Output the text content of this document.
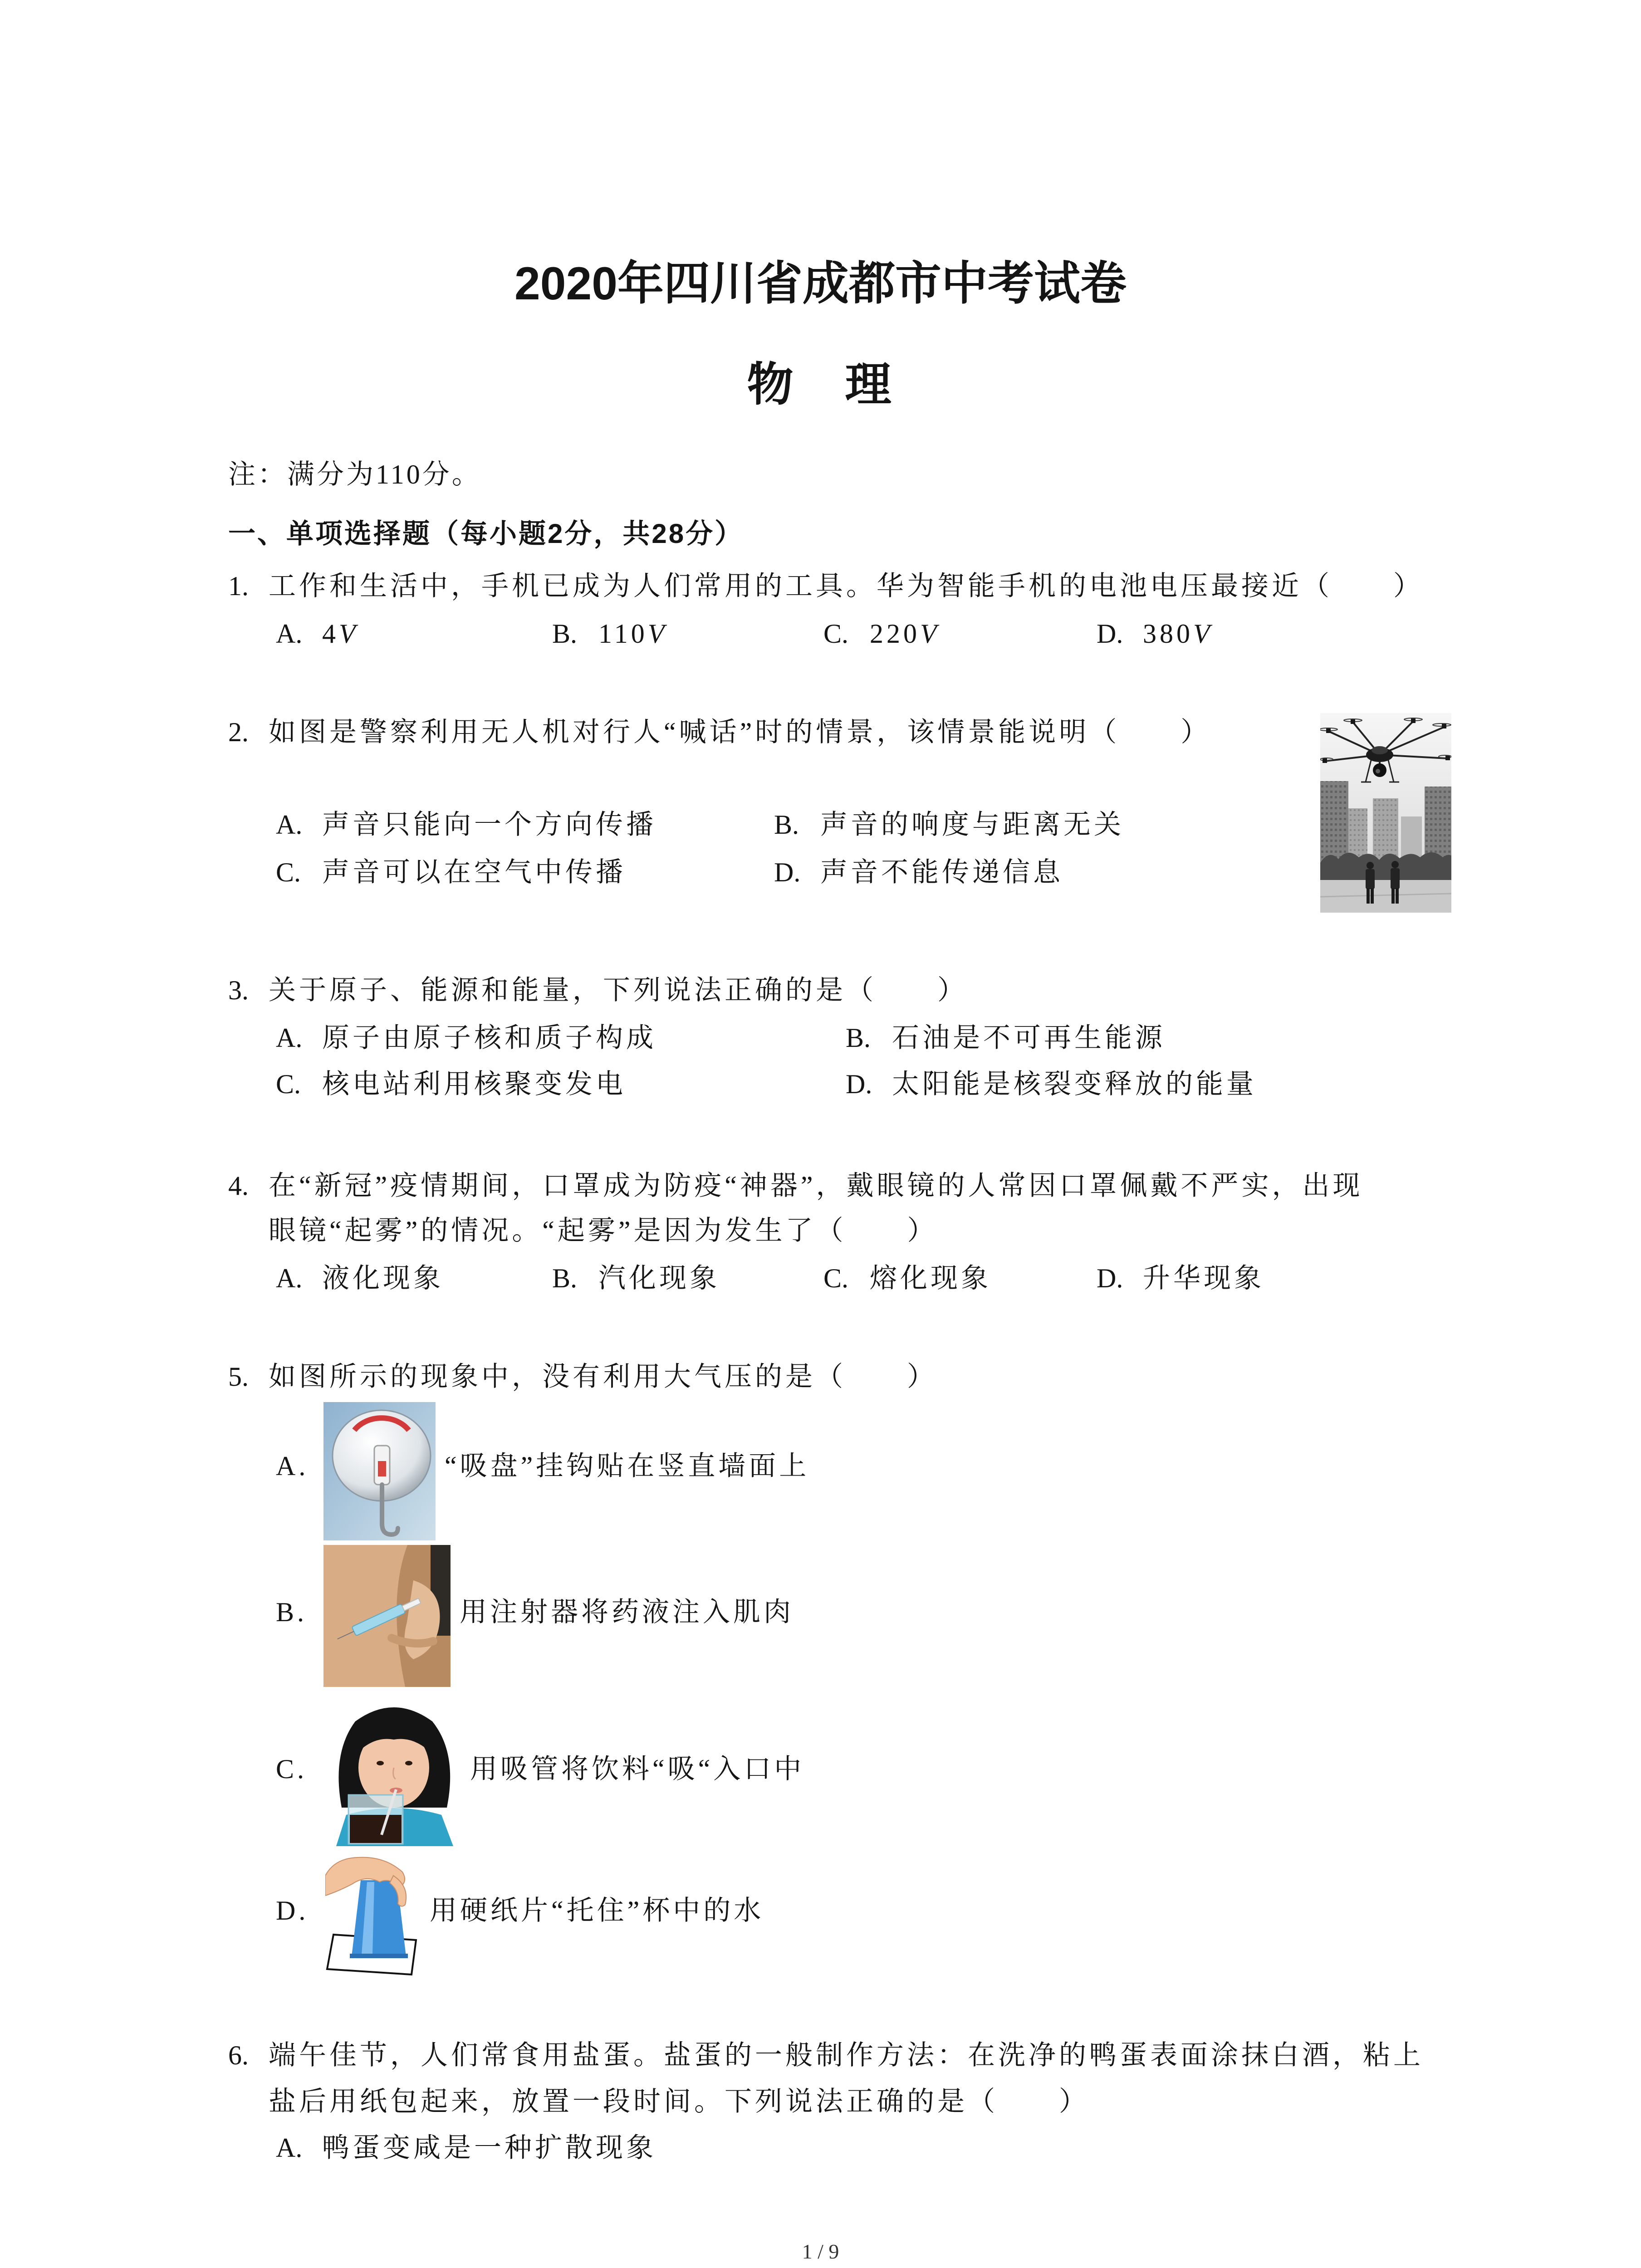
2020年四川省成都市中考试卷
物　理
注：满分为110分。
一、单项选择题（每小题2分，共28分）
1. 工作和生活中，手机已成为人们常用的工具。华为智能手机的电池电压最接近（　　）
A. 4V	B. 110V	C. 220V	D. 380V
2. 如图是警察利用无人机对行人“喊话”时的情景，该情景能说明（　　）
A. 声音只能向一个方向传播	B. 声音的响度与距离无关
C. 声音可以在空气中传播	D. 声音不能传递信息
3. 关于原子、能源和能量，下列说法正确的是（　　）
A. 原子由原子核和质子构成	B. 石油是不可再生能源
C. 核电站利用核聚变发电	D. 太阳能是核裂变释放的能量
4. 在“新冠”疫情期间，口罩成为防疫“神器”，戴眼镜的人常因口罩佩戴不严实，出现
眼镜“起雾”的情况。“起雾”是因为发生了（　　）
A. 液化现象	B. 汽化现象	C. 熔化现象	D. 升华现象
5. 如图所示的现象中，没有利用大气压的是（　　）
A.	“吸盘”挂钩贴在竖直墙面上
B.	用注射器将药液注入肌肉
C.	用吸管将饮料“吸“入口中
D.	用硬纸片“托住”杯中的水
6. 端午佳节，人们常食用盐蛋。盐蛋的一般制作方法：在洗净的鸭蛋表面涂抹白酒，粘上
盐后用纸包起来，放置一段时间。下列说法正确的是（　　）
A. 鸭蛋变咸是一种扩散现象
1 / 9
